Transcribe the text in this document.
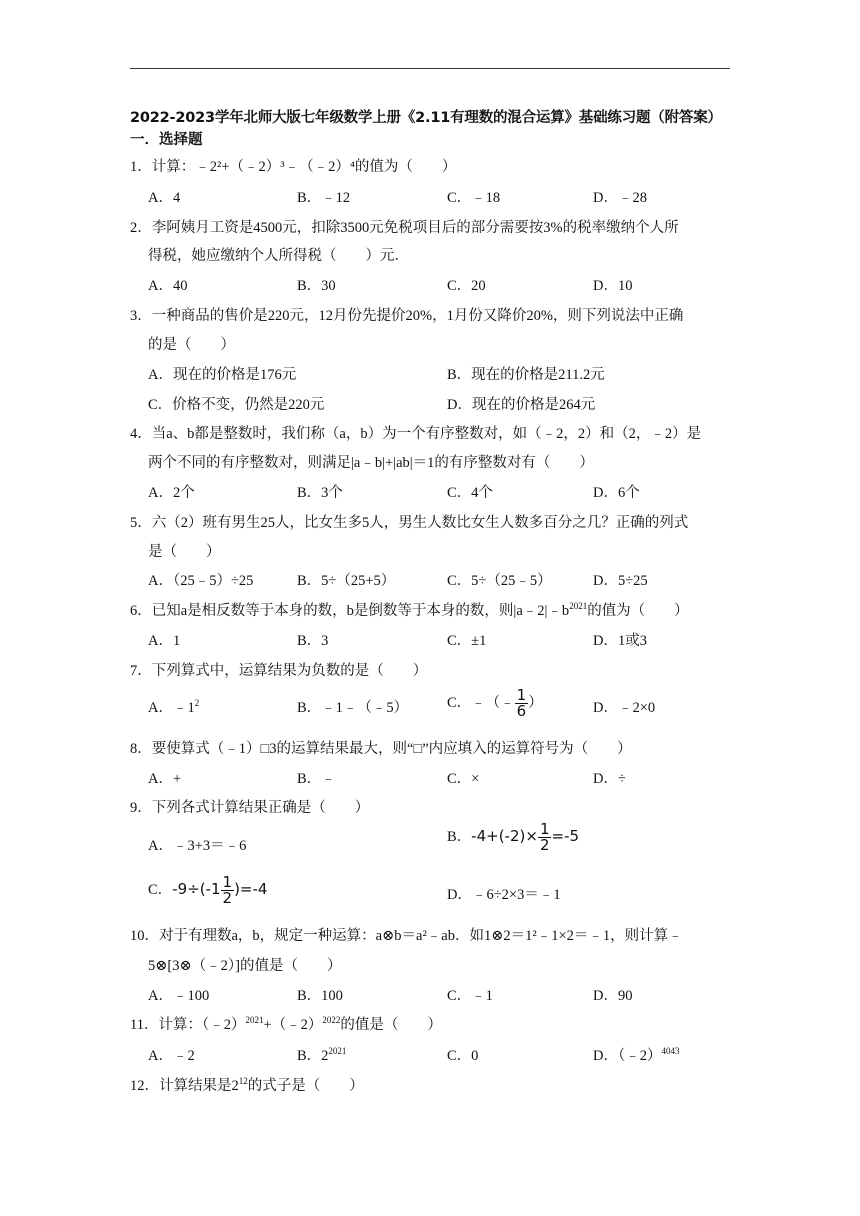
2022-2023学年北师大版七年级数学上册《2.11有理数的混合运算》基础练习题（附答案）
一．选择题
1．计算：﹣2²+（﹣2）³﹣（﹣2）⁴的值为（　　）
A．4	B．﹣12	C．﹣18	D．﹣28
2．李阿姨月工资是4500元，扣除3500元免税项目后的部分需要按3%的税率缴纳个人所
得税，她应缴纳个人所得税（　　）元．
A．40	B．30	C．20	D．10
3．一种商品的售价是220元，12月份先提价20%，1月份又降价20%，则下列说法中正确
的是（　　）
A．现在的价格是176元	B．现在的价格是211.2元
C．价格不变，仍然是220元	D．现在的价格是264元
4．当a、b都是整数时，我们称（a，b）为一个有序整数对，如（﹣2，2）和（2，﹣2）是
两个不同的有序整数对，则满足|a﹣b|+|ab|＝1的有序整数对有（　　）
A．2个	B．3个	C．4个	D．6个
5．六（2）班有男生25人，比女生多5人，男生人数比女生人数多百分之几？正确的列式
是（　　）
A．（25﹣5）÷25	B．5÷（25+5）	C．5÷（25﹣5）	D．5÷25
6．已知a是相反数等于本身的数，b是倒数等于本身的数，则$|a﹣2|﹣b^{2021}$的值为（　　）
A．1	B．3	C．±1	D．1或3
7．下列算式中，运算结果为负数的是（　　）
A．$﹣1^2$	B．﹣1﹣（﹣5）	C．﹣（﹣ $\frac{1}{6}$ ）	D．﹣2×0
8．要使算式（﹣1）□3的运算结果最大，则“□”内应填入的运算符号为（　　）
A．+	B．﹣	C．×	D．÷
9．下列各式计算结果正确是（　　）
A．﹣3+3＝﹣6
B．$-4+(-2)\times \frac{1}{2} =-5$
C．$-9\div(-1 \frac{1}{2} )=-4$	D．﹣6÷2×3＝﹣1
10．对于有理数a，b，规定一种运算：a⊗b＝a²﹣ab．如1⊗2＝1²﹣1×2＝﹣1，则计算﹣
5⊗[3⊗（﹣2）]的值是（　　）
A．﹣100	B．100	C．﹣1	D．90
11．计算：（﹣2）$^{2021}$+（﹣2）$^{2022}$的值是（　　）
A．﹣2	B．$2^{2021}$	C．0	D．（﹣2）$^{4043}$
12．计算结果是$2^{12}$的式子是（　　）
